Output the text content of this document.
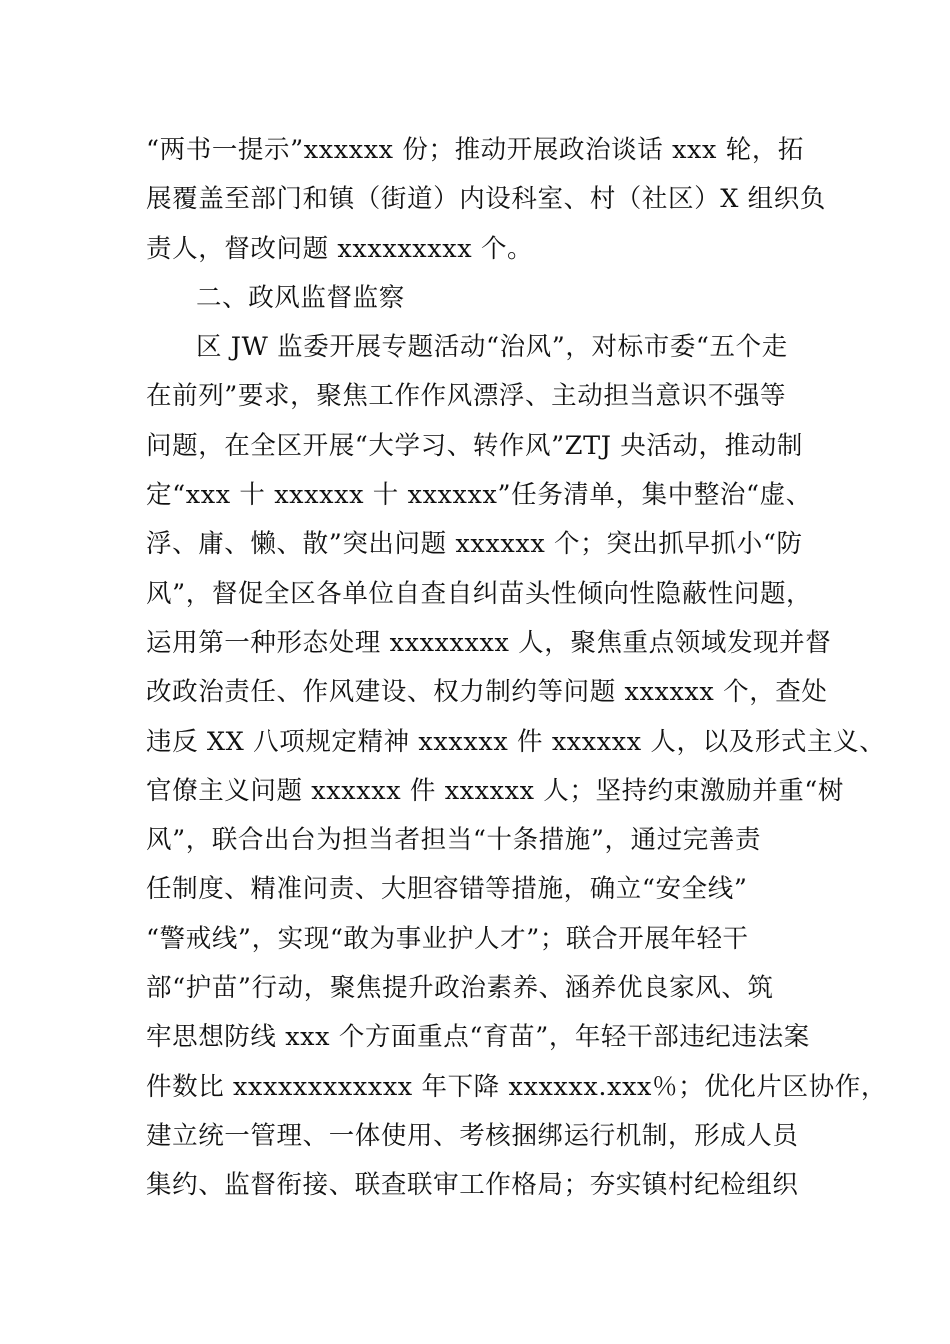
“两书一提示”xxxxxx 份；推动开展政治谈话 xxx 轮，拓
展覆盖至部门和镇（街道）内设科室、村（社区）X 组织负
责人，督改问题 xxxxxxxxx 个。
二、政风监督监察
区 JW 监委开展专题活动“治风”，对标市委“五个走
在前列”要求，聚焦工作作风漂浮、主动担当意识不强等
问题，在全区开展“大学习、转作风”ZTJ 央活动，推动制
定“xxx 十 xxxxxx 十 xxxxxx”任务清单，集中整治“虚、
浮、庸、懒、散”突出问题 xxxxxx 个；突出抓早抓小“防
风”，督促全区各单位自查自纠苗头性倾向性隐蔽性问题，
运用第一种形态处理 xxxxxxxx 人，聚焦重点领域发现并督
改政治责任、作风建设、权力制约等问题 xxxxxx 个，查处
违反 XX 八项规定精神 xxxxxx 件 xxxxxx 人，以及形式主义、
官僚主义问题 xxxxxx 件 xxxxxx 人；坚持约束激励并重“树
风”，联合出台为担当者担当“十条措施”，通过完善责
任制度、精准问责、大胆容错等措施，确立“安全线”
“警戒线”，实现“敢为事业护人才”；联合开展年轻干
部“护苗”行动，聚焦提升政治素养、涵养优良家风、筑
牢思想防线 xxx 个方面重点“育苗”，年轻干部违纪违法案
件数比 xxxxxxxxxxxx 年下降 xxxxxx.xxx％；优化片区协作，
建立统一管理、一体使用、考核捆绑运行机制，形成人员
集约、监督衔接、联查联审工作格局；夯实镇村纪检组织
